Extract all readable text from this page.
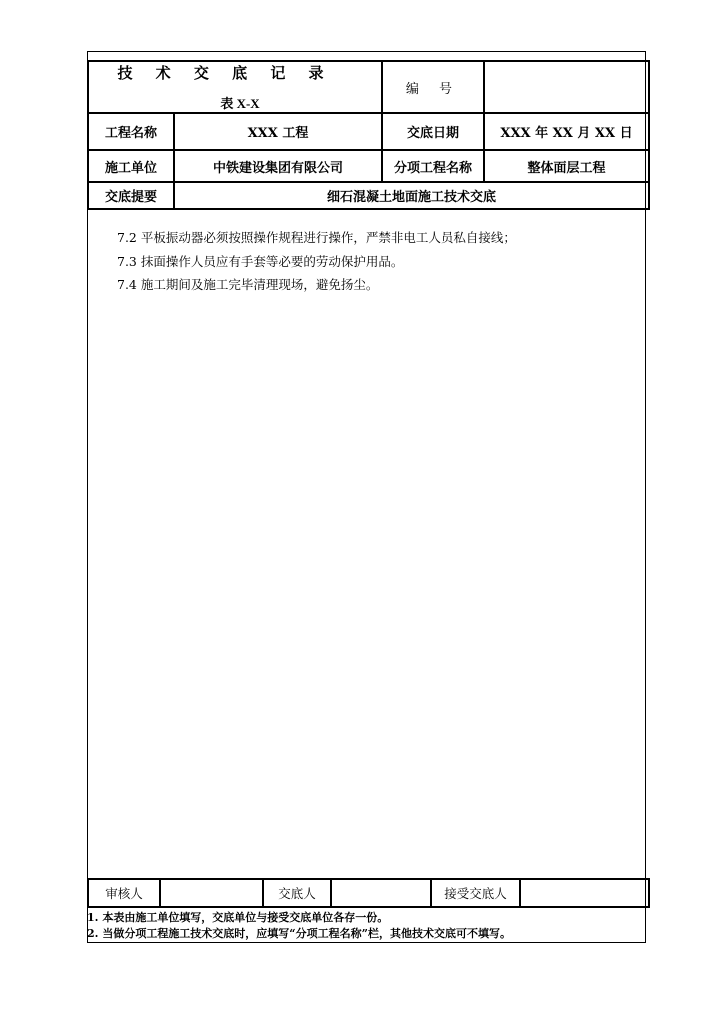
技 术 交 底 记 录
表 X-X		编 号	
工程名称	XXX 工程	交底日期	XXX 年 XX 月 XX 日
施工单位	中铁建设集团有限公司	分项工程名称	整体面层工程
交底提要	细石混凝土地面施工技术交底		
7.2 平板振动器必须按照操作规程进行操作，严禁非电工人员私自接线；
7.3 抹面操作人员应有手套等必要的劳动保护用品。
7.4 施工期间及施工完毕清理现场，避免扬尘。
审核人		交底人		接受交底人	
1. 本表由施工单位填写，交底单位与接受交底单位各存一份。
2. 当做分项工程施工技术交底时，应填写“分项工程名称”栏，其他技术交底可不填写。
